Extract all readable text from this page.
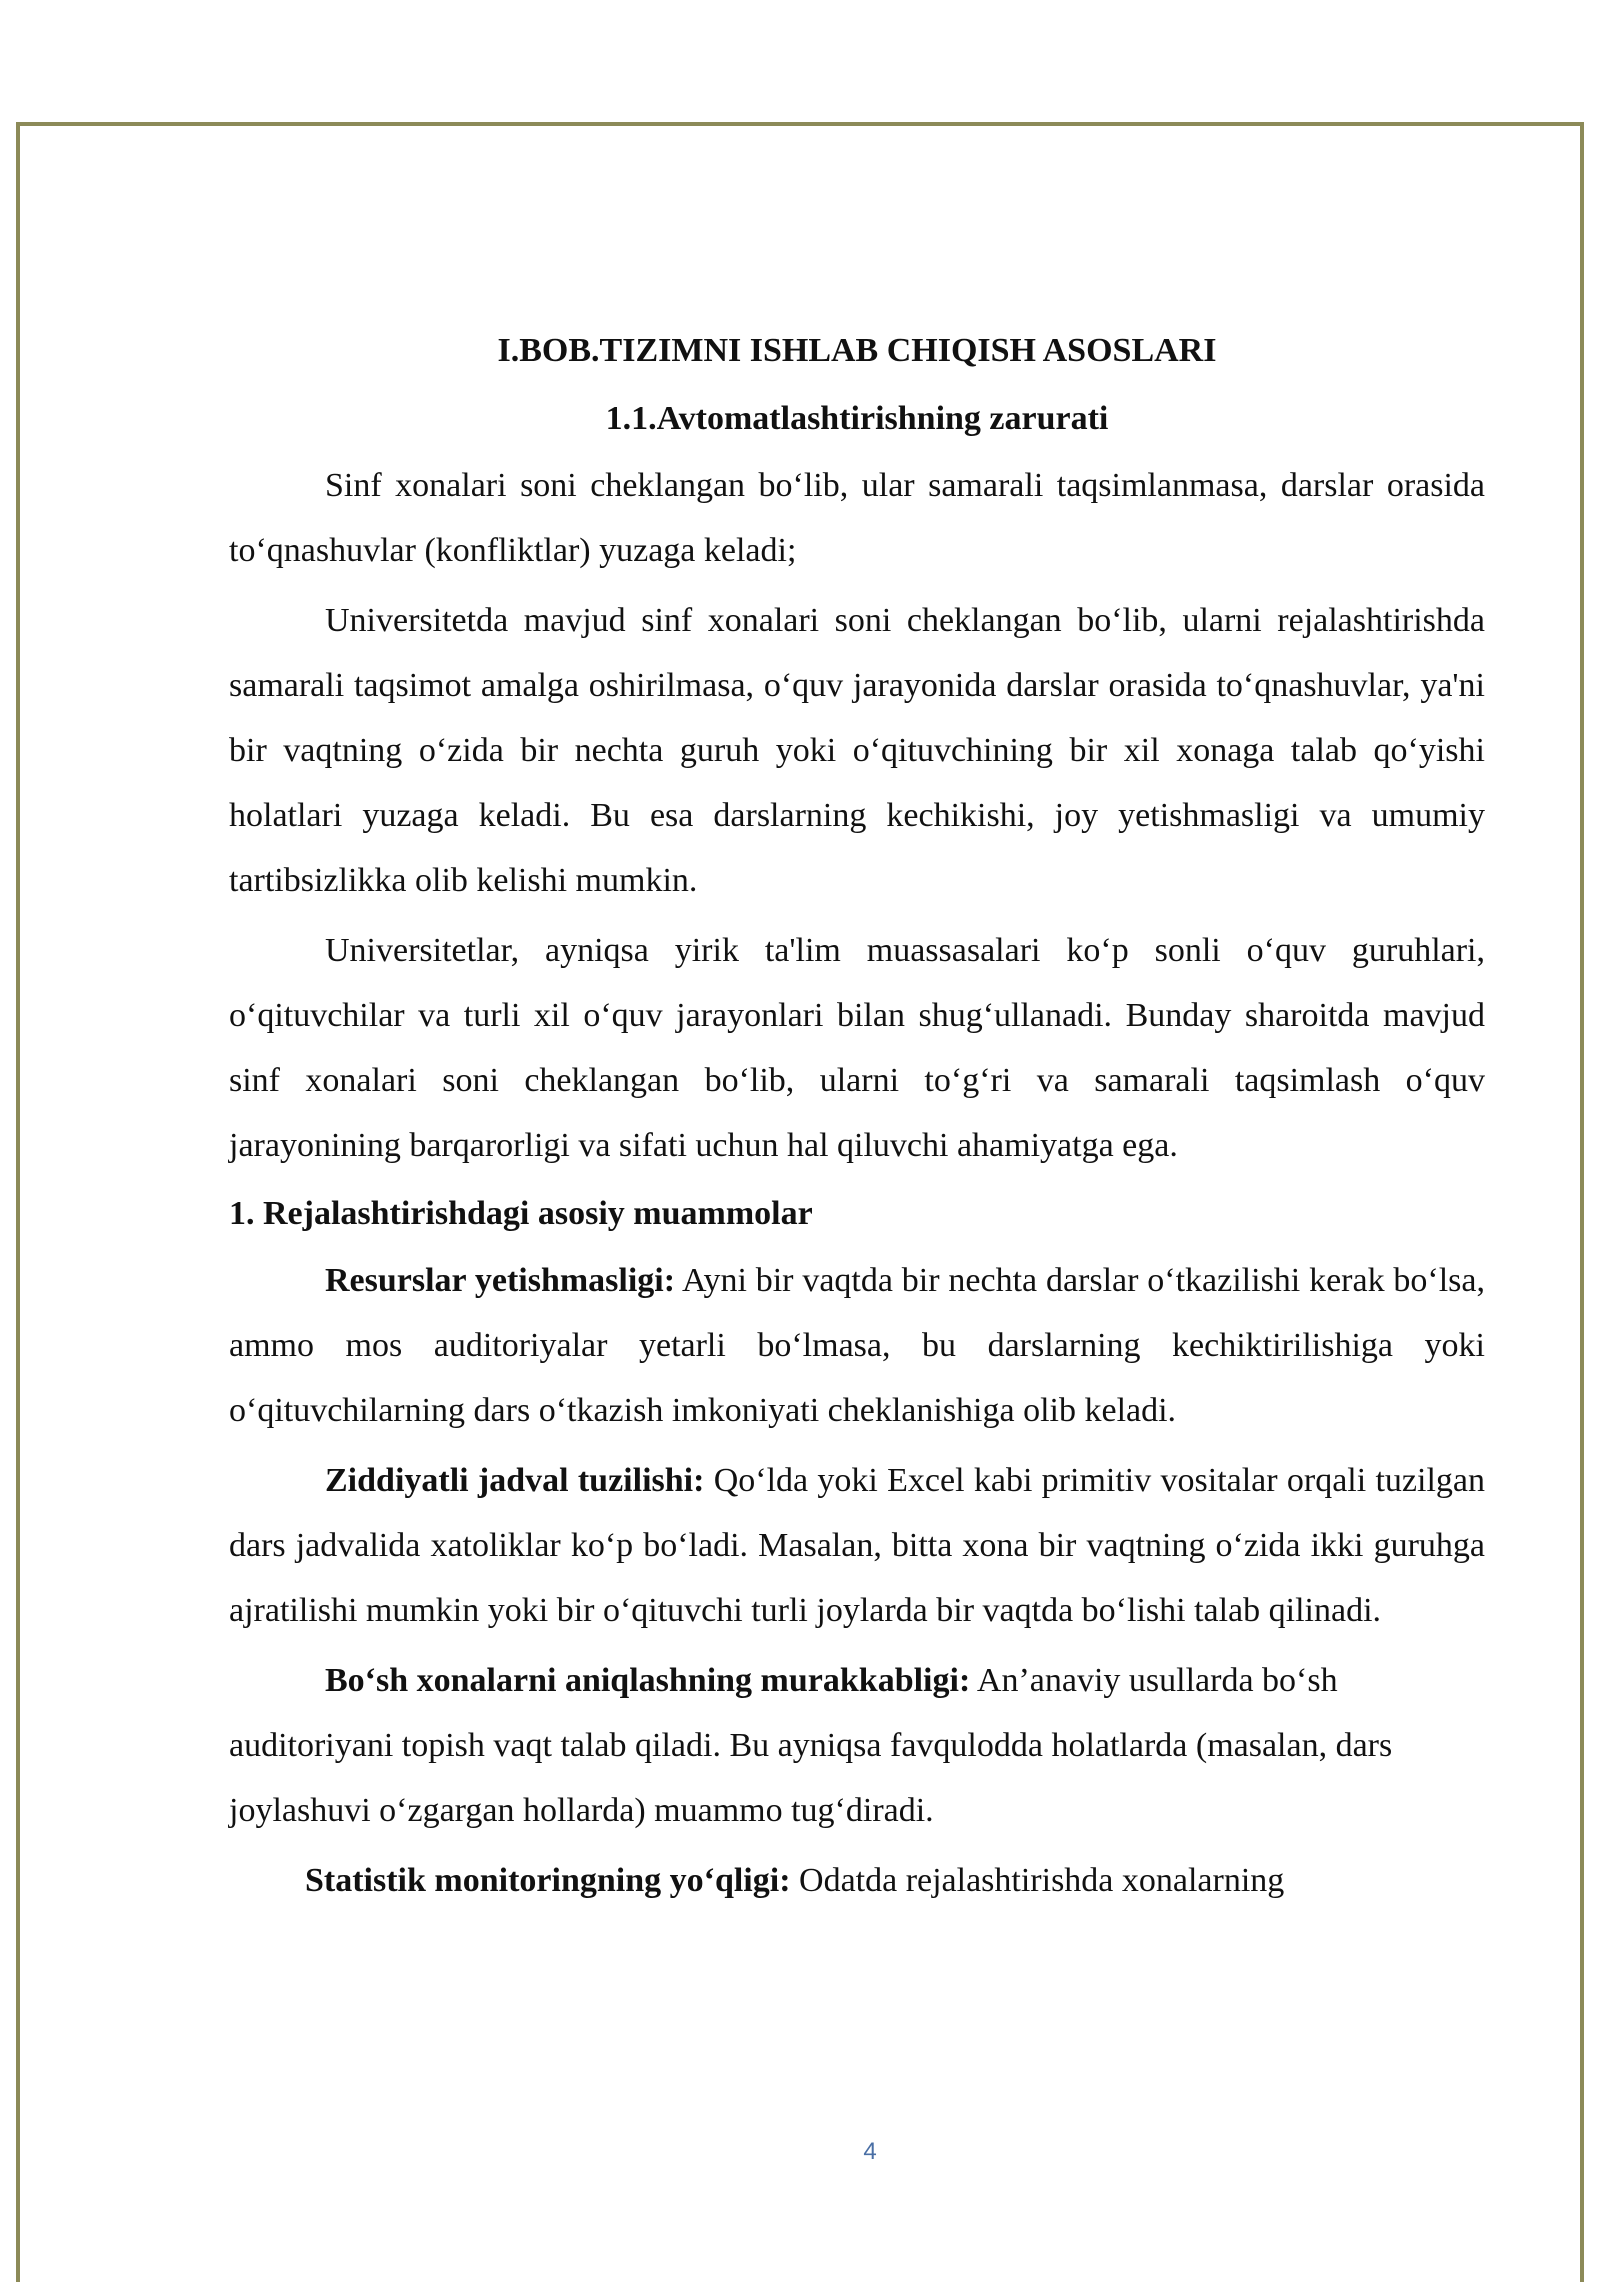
I.BOB.TIZIMNI ISHLAB CHIQISH ASOSLARI
1.1.Avtomatlashtirishning zarurati

Sinf xonalari soni cheklangan bo‘lib, ular samarali taqsimlanmasa, darslar orasida to‘qnashuvlar (konfliktlar) yuzaga keladi;

Universitetda mavjud sinf xonalari soni cheklangan bo‘lib, ularni rejalashtirishda samarali taqsimot amalga oshirilmasa, o‘quv jarayonida darslar orasida to‘qnashuvlar, ya'ni bir vaqtning o‘zida bir nechta guruh yoki o‘qituvchining bir xil xonaga talab qo‘yishi holatlari yuzaga keladi. Bu esa darslarning kechikishi, joy yetishmasligi va umumiy tartibsizlikka olib kelishi mumkin.

Universitetlar, ayniqsa yirik ta'lim muassasalari ko‘p sonli o‘quv guruhlari, o‘qituvchilar va turli xil o‘quv jarayonlari bilan shug‘ullanadi. Bunday sharoitda mavjud sinf xonalari soni cheklangan bo‘lib, ularni to‘g‘ri va samarali taqsimlash o‘quv jarayonining barqarorligi va sifati uchun hal qiluvchi ahamiyatga ega.

1. Rejalashtirishdagi asosiy muammolar

Resurslar yetishmasligi: Ayni bir vaqtda bir nechta darslar o‘tkazilishi kerak bo‘lsa, ammo mos auditoriyalar yetarli bo‘lmasa, bu darslarning kechiktirilishiga yoki o‘qituvchilarning dars o‘tkazish imkoniyati cheklanishiga olib keladi.

Ziddiyatli jadval tuzilishi: Qo‘lda yoki Excel kabi primitiv vositalar orqali tuzilgan dars jadvalida xatoliklar ko‘p bo‘ladi. Masalan, bitta xona bir vaqtning o‘zida ikki guruhga ajratilishi mumkin yoki bir o‘qituvchi turli joylarda bir vaqtda bo‘lishi talab qilinadi.

Bo‘sh xonalarni aniqlashning murakkabligi: An’anaviy usullarda bo‘sh auditoriyani topish vaqt talab qiladi. Bu ayniqsa favqulodda holatlarda (masalan, dars joylashuvi o‘zgargan hollarda) muammo tug‘diradi.

Statistik monitoringning yo‘qligi: Odatda rejalashtirishda xonalarning

4
